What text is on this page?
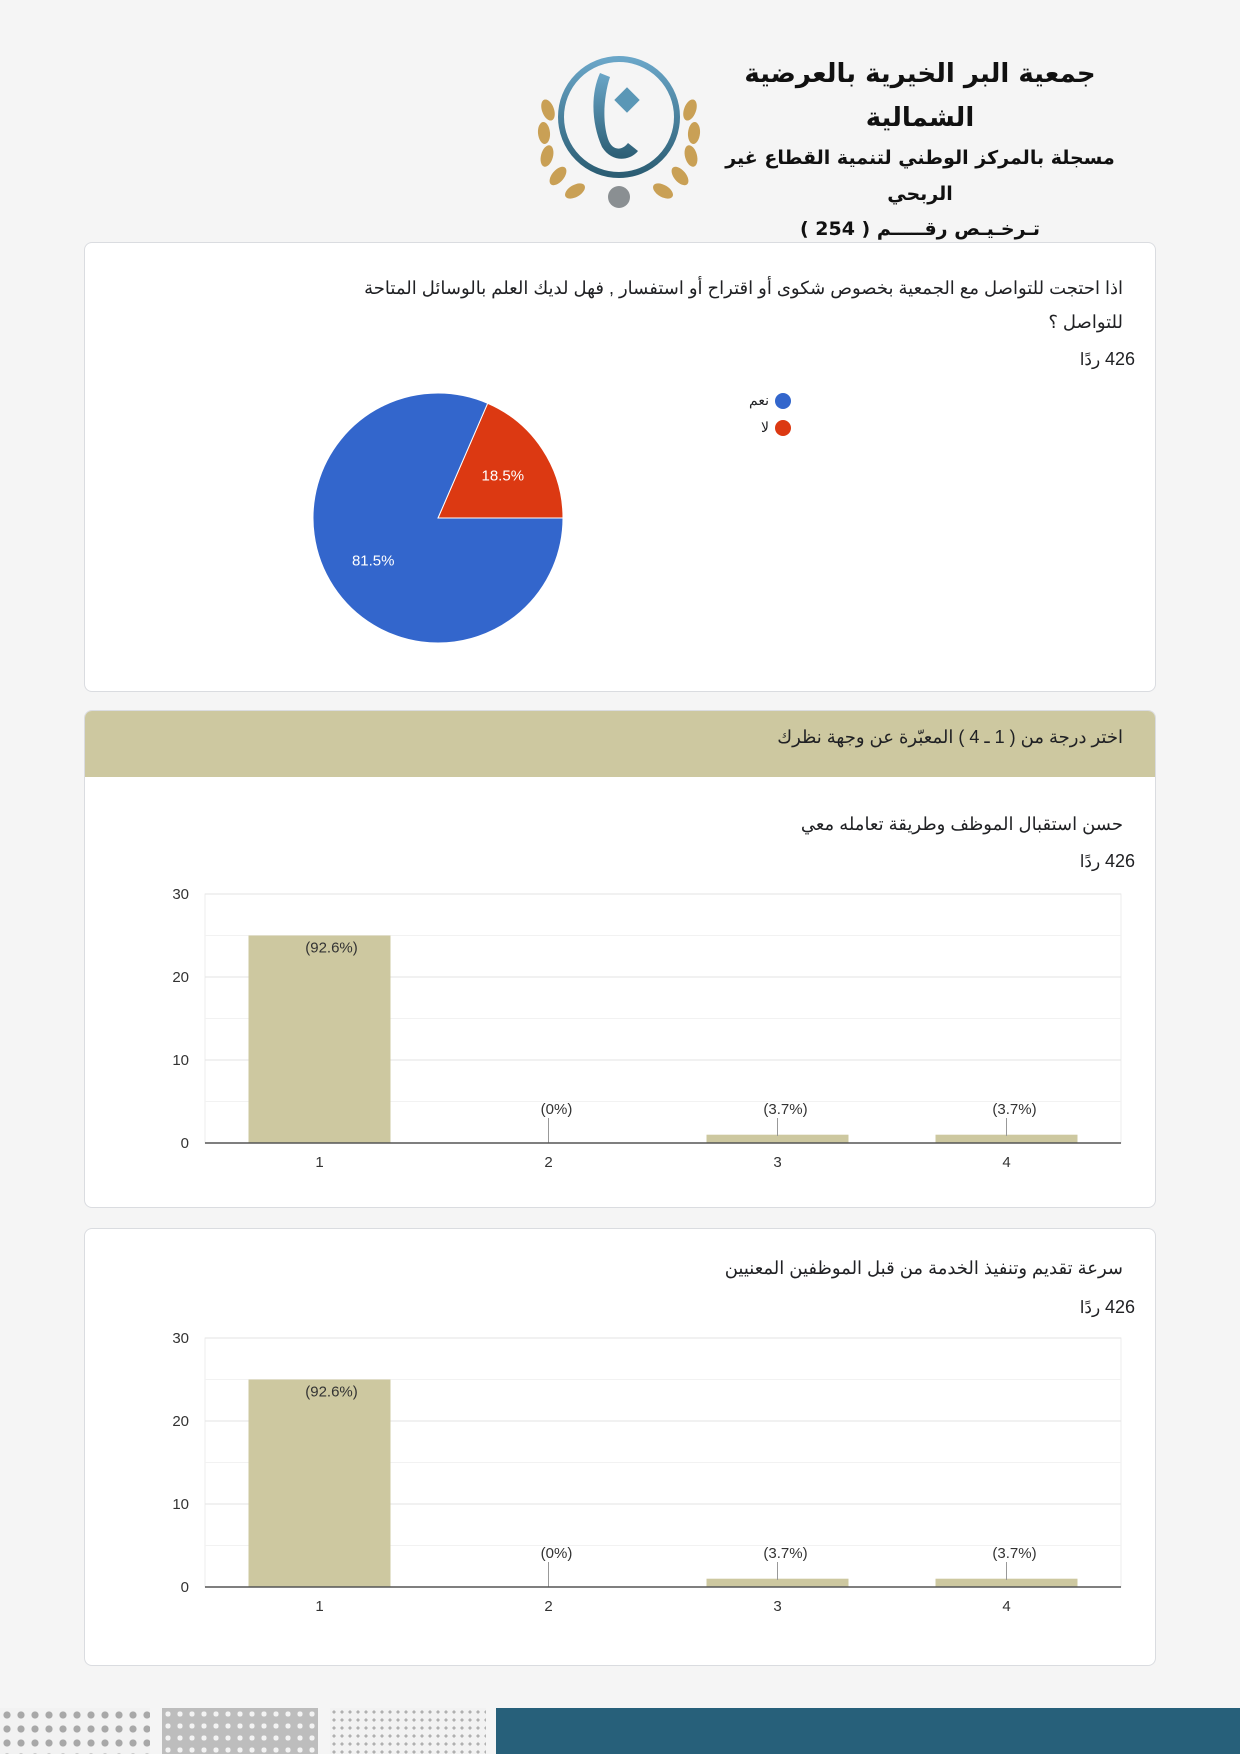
جمعية البر الخيرية بالعرضية الشمالية
مسجلة بالمركز الوطني لتنمية القطاع غير الربحي
تـرخـيـص رقـــــم ( 254 )
اذا احتجت للتواصل مع الجمعية بخصوص شكوى أو اقتراح أو استفسار , فهل لديك العلم بالوسائل المتاحة
للتواصل ؟
426 ردًا
18.5%
81.5%
نعم
لا
اختر درجة من ( 1 ـ 4 ) المعبّرة عن وجهة نظرك
حسن استقبال الموظف وطريقة تعامله معي
426 ردًا
0
10
20
30
(92.6%)
1
(0%)
2
(3.7%)
3
(3.7%)
4
سرعة تقديم وتنفيذ الخدمة من قبل الموظفين المعنيين
426 ردًا
0
10
20
30
(92.6%)
1
(0%)
2
(3.7%)
3
(3.7%)
4
